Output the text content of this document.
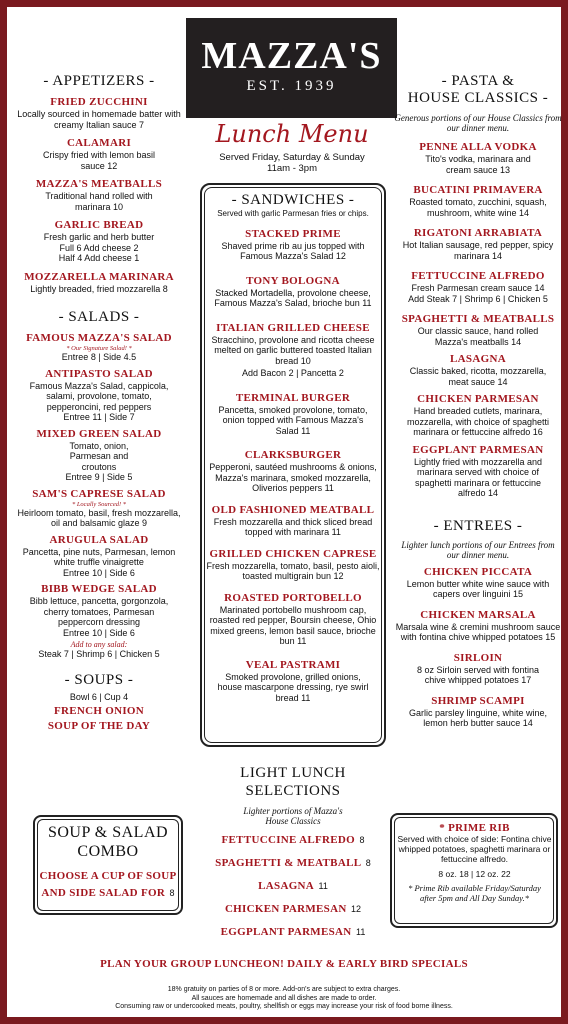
MAZZA'S
EST. 1939
Lunch Menu
Served Friday, Saturday & Sunday
11am - 3pm
- APPETIZERS -
FRIED ZUCCHINI
Locally sourced in homemade batter with creamy Italian sauce 7
CALAMARI
Crispy fried with lemon basil sauce 12
MAZZA'S MEATBALLS
Traditional hand rolled with marinara 10
GARLIC BREAD
Fresh garlic and herb butter
Full 6 Add cheese 2
Half 4 Add cheese 1
MOZZARELLA MARINARA
Lightly breaded, fried mozzarella 8
- SALADS -
FAMOUS MAZZA'S SALAD
* Our Signature Salad! *
Entree 8 | Side 4.5
ANTIPASTO SALAD
Famous Mazza's Salad, cappicola, salami, provolone, tomato, pepperoncini, red peppers
Entree 11 | Side 7
MIXED GREEN SALAD
Tomato, onion, Parmesan and croutons
Entree 9 | Side 5
SAM'S CAPRESE SALAD
* Locally Sourced! *
Heirloom tomato, basil, fresh mozzarella, oil and balsamic glaze 9
ARUGULA SALAD
Pancetta, pine nuts, Parmesan, lemon white truffle vinaigrette
Entree 10 | Side 6
BIBB WEDGE SALAD
Bibb lettuce, pancetta, gorgonzola, cherry tomatoes, Parmesan peppercorn dressing
Entree 10 | Side 6
Add to any salad:
Steak 7 | Shrimp 6 | Chicken 5
- SOUPS -
Bowl 6 | Cup 4
FRENCH ONION
SOUP OF THE DAY
- SANDWICHES -
Served with garlic Parmesan fries or chips.
STACKED PRIME
Shaved prime rib au jus topped with Famous Mazza's Salad 12
TONY BOLOGNA
Stacked Mortadella, provolone cheese, Famous Mazza's Salad, brioche bun 11
ITALIAN GRILLED CHEESE
Stracchino, provolone and ricotta cheese melted on garlic buttered toasted Italian bread 10
Add Bacon 2 | Pancetta 2
TERMINAL BURGER
Pancetta, smoked provolone, tomato, onion topped with Famous Mazza's Salad 11
CLARKSBURGER
Pepperoni, sautéed mushrooms & onions, Mazza's marinara, smoked mozzarella, Oliverios peppers 11
OLD FASHIONED MEATBALL
Fresh mozzarella and thick sliced bread topped with marinara 11
GRILLED CHICKEN CAPRESE
Fresh mozzarella, tomato, basil, pesto aioli, toasted multigrain bun 12
ROASTED PORTOBELLO
Marinated portobello mushroom cap, roasted red pepper, Boursin cheese, Ohio mixed greens, lemon basil sauce, brioche bun 11
VEAL PASTRAMI
Smoked provolone, grilled onions, house mascarpone dressing, rye swirl bread 11
- PASTA &
HOUSE CLASSICS -
Generous portions of our House Classics from our dinner menu.
PENNE ALLA VODKA
Tito's vodka, marinara and cream sauce 13
BUCATINI PRIMAVERA
Roasted tomato, zucchini, squash, mushroom, white wine 14
RIGATONI ARRABIATA
Hot Italian sausage, red pepper, spicy marinara 14
FETTUCCINE ALFREDO
Fresh Parmesan cream sauce 14
Add Steak 7 | Shrimp 6 | Chicken 5
SPAGHETTI & MEATBALLS
Our classic sauce, hand rolled Mazza's meatballs 14
LASAGNA
Classic baked, ricotta, mozzarella, meat sauce 14
CHICKEN PARMESAN
Hand breaded cutlets, marinara, mozzarella, with choice of spaghetti marinara or fettuccine alfredo 16
EGGPLANT PARMESAN
Lightly fried with mozzarella and marinara served with choice of spaghetti marinara or fettuccine alfredo 14
- ENTREES -
Lighter lunch portions of our Entrees from our dinner menu.
CHICKEN PICCATA
Lemon butter white wine sauce with capers over linguini 15
CHICKEN MARSALA
Marsala wine & cremini mushroom sauce with fontina chive whipped potatoes 15
SIRLOIN
8 oz Sirloin served with fontina chive whipped potatoes 17
SHRIMP SCAMPI
Garlic parsley linguine, white wine, lemon herb butter sauce 14
LIGHT LUNCH
SELECTIONS
Lighter portions of Mazza's House Classics
FETTUCCINE ALFREDO 8
SPAGHETTI & MEATBALL 8
LASAGNA 11
CHICKEN PARMESAN 12
EGGPLANT PARMESAN 11
SOUP & SALAD
COMBO
CHOOSE A CUP OF SOUP
AND SIDE SALAD FOR 8
* PRIME RIB
Served with choice of side: Fontina chive whipped potatoes, spaghetti marinara or fettuccine alfredo.
8 oz. 18 | 12 oz. 22
* Prime Rib available Friday/Saturday after 5pm and All Day Sunday.*
PLAN YOUR GROUP LUNCHEON! DAILY & EARLY BIRD SPECIALS
18% gratuity on parties of 8 or more. Add-on's are subject to extra charges.
All sauces are homemade and all dishes are made to order.
Consuming raw or undercooked meats, poultry, shellfish or eggs may increase your risk of food borne illness.
